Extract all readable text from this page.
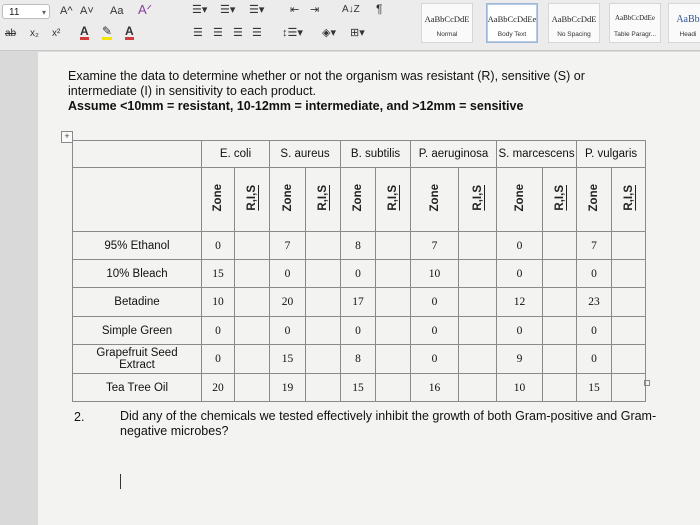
11	▾ A^ A˅ Aa Aᐟ	☰▾ ☰▾ ☰▾ ⇤ ⇥ A↓Z ¶
ab x₂ x² A ✎ A	☰ ☰ ☰ ☰ ↕☰▾ ◈▾ ⊞▾
AaBbCcDdE
Normal
AaBbCcDdEe
Body Text
AaBbCcDdE
No Spacing
AaBbCcDdEe
Table Paragr...
AaBb
Headi
Examine the data to determine whether or not the organism was resistant (R), sensitive (S) or
intermediate (I) in sensitivity to each product.
Assume <10mm = resistant, 10-12mm = intermediate, and >12mm = sensitive
+
	E. coli		S. aureus		B. subtilis		P. aeruginosa		S. marcescens		P. vulgaris	
	Zone	R,I,S	Zone	R,I,S	Zone	R,I,S	Zone	R,I,S	Zone	R,I,S	Zone	R,I,S
95% Ethanol	0		7		8		7		0		7	
10% Bleach	15		0		0		10		0		0	
Betadine	10		20		17		0		12		23	
Simple Green	0		0		0		0		0		0	
Grapefruit Seed Extract	0		15		8		0		9		0	
Tea Tree Oil	20		19		15		16		10		15	
2.	Did any of the chemicals we tested effectively inhibit the growth of both Gram-positive and Gram-negative microbes?
